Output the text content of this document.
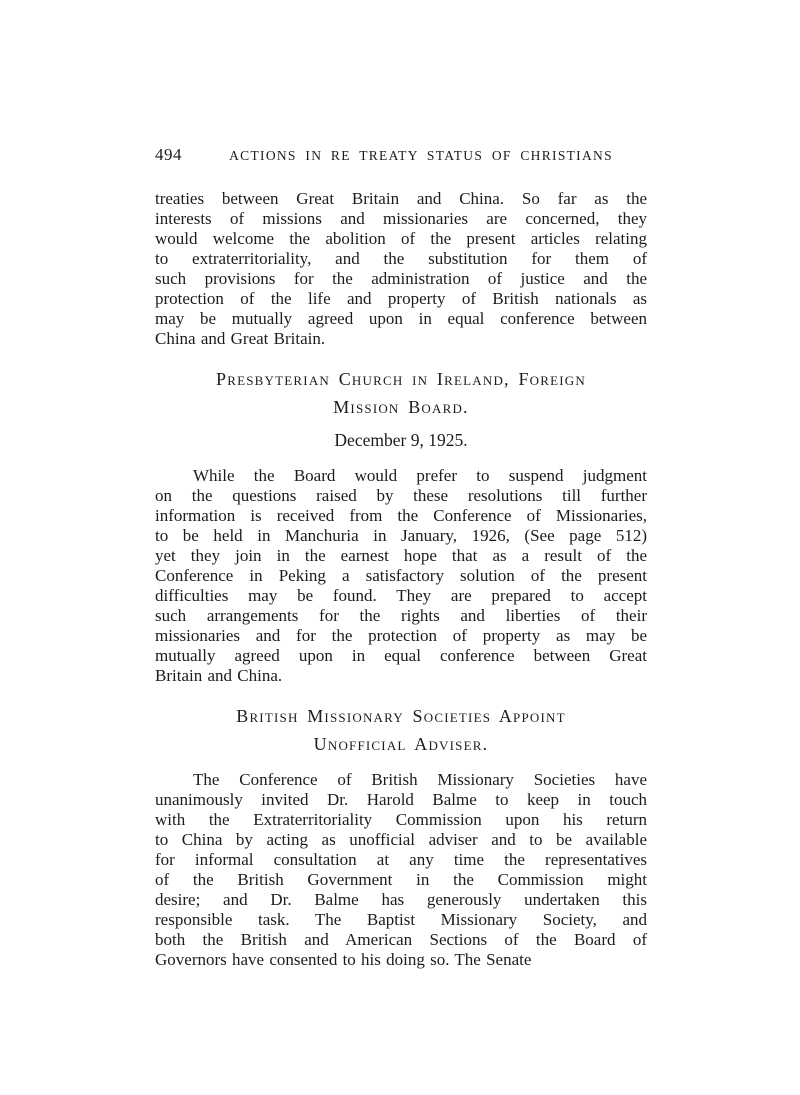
494	ACTIONS IN RE TREATY STATUS OF CHRISTIANS
treaties between Great Britain and China. So far as the
interests of missions and missionaries are concerned, they
would welcome the abolition of the present articles relating
to extraterritoriality, and the substitution for them of
such provisions for the administration of justice and the
protection of the life and property of British nationals as
may be mutually agreed upon in equal conference between
China and Great Britain.
Presbyterian Church in Ireland, Foreign
Mission Board.
December 9, 1925.
While the Board would prefer to suspend judgment
on the questions raised by these resolutions till further
information is received from the Conference of Missionaries,
to be held in Manchuria in January, 1926, (See page 512)
yet they join in the earnest hope that as a result of the
Conference in Peking a satisfactory solution of the present
difficulties may be found. They are prepared to accept
such arrangements for the rights and liberties of their
missionaries and for the protection of property as may be
mutually agreed upon in equal conference between Great
Britain and China.
British Missionary Societies Appoint
Unofficial Adviser.
The Conference of British Missionary Societies have
unanimously invited Dr. Harold Balme to keep in touch
with the Extraterritoriality Commission upon his return
to China by acting as unofficial adviser and to be available
for informal consultation at any time the representatives
of the British Government in the Commission might
desire; and Dr. Balme has generously undertaken this
responsible task. The Baptist Missionary Society, and
both the British and American Sections of the Board of
Governors have consented to his doing so. The Senate
